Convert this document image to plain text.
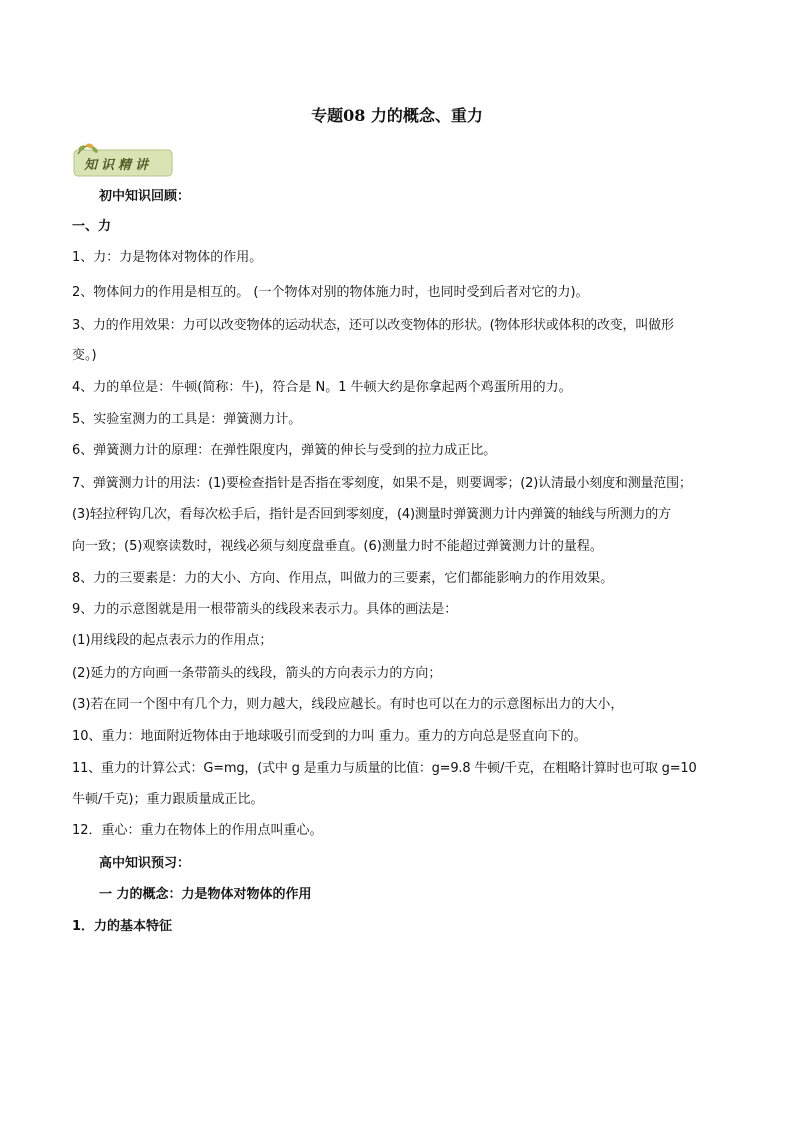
专题08 力的概念、重力
知识精讲
初中知识回顾：
一、力
1、力：力是物体对物体的作用。
2、物体间力的作用是相互的。 (一个物体对别的物体施力时，也同时受到后者对它的力)。
3、力的作用效果：力可以改变物体的运动状态，还可以改变物体的形状。(物体形状或体积的改变，叫做形
变。)
4、力的单位是：牛顿(简称：牛)，符合是 N。1 牛顿大约是你拿起两个鸡蛋所用的力。
5、实验室测力的工具是：弹簧测力计。
6、弹簧测力计的原理：在弹性限度内，弹簧的伸长与受到的拉力成正比。
7、弹簧测力计的用法：(1)要检查指针是否指在零刻度，如果不是，则要调零；(2)认清最小刻度和测量范围；
(3)轻拉秤钩几次，看每次松手后，指针是否回到零刻度，(4)测量时弹簧测力计内弹簧的轴线与所测力的方
向一致；(5)观察读数时，视线必须与刻度盘垂直。(6)测量力时不能超过弹簧测力计的量程。
8、力的三要素是：力的大小、方向、作用点，叫做力的三要素，它们都能影响力的作用效果。
9、力的示意图就是用一根带箭头的线段来表示力。具体的画法是：
(1)用线段的起点表示力的作用点；
(2)延力的方向画一条带箭头的线段，箭头的方向表示力的方向；
(3)若在同一个图中有几个力，则力越大，线段应越长。有时也可以在力的示意图标出力的大小，
10、重力：地面附近物体由于地球吸引而受到的力叫 重力。重力的方向总是竖直向下的。
11、重力的计算公式：G=mg，(式中 g 是重力与质量的比值：g=9.8 牛顿/千克，在粗略计算时也可取 g=10
牛顿/千克)；重力跟质量成正比。
12．重心：重力在物体上的作用点叫重心。
高中知识预习：
一 力的概念：力是物体对物体的作用
1．力的基本特征
